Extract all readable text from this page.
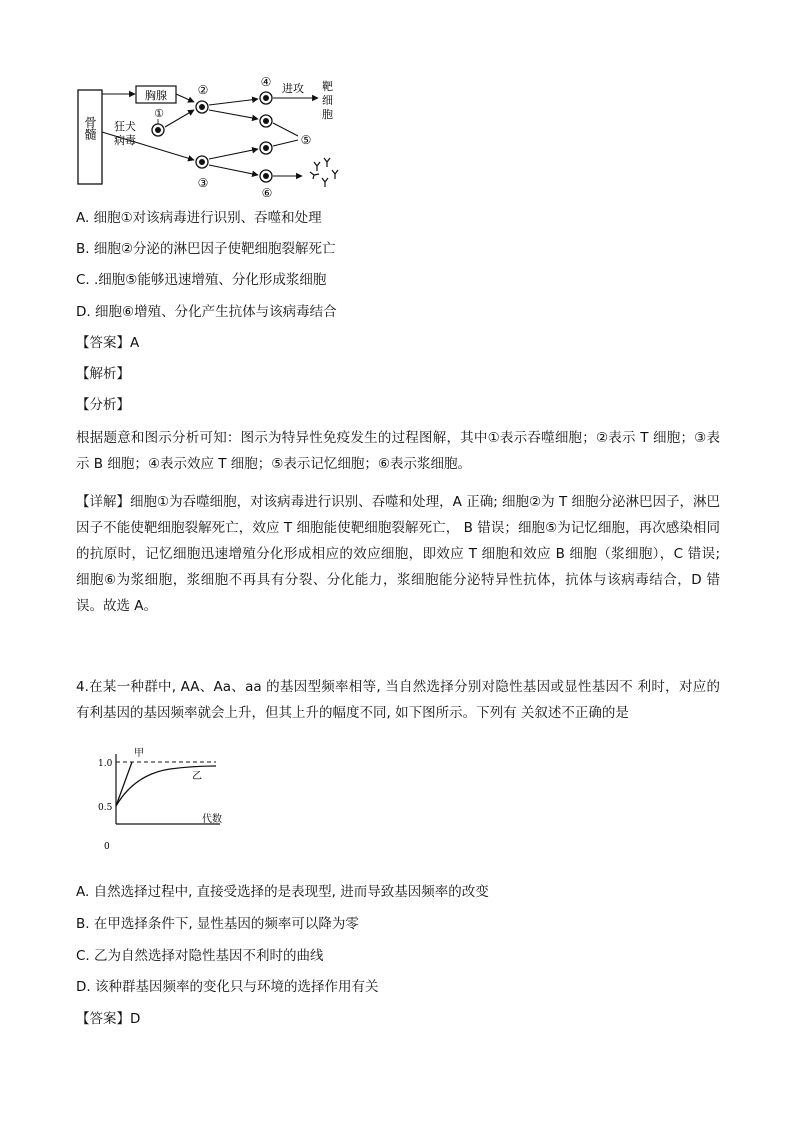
骨髓
胸腺
①
狂犬
病毒
②
③
④ 进攻 靶
细
胞
⑤
⑥
A. 细胞①对该病毒进行识别、吞噬和处理
B. 细胞②分泌的淋巴因子使靶细胞裂解死亡
C. .细胞⑤能够迅速增殖、分化形成浆细胞
D. 细胞⑥增殖、分化产生抗体与该病毒结合
【答案】A
【解析】
【分析】
根据题意和图示分析可知：图示为特异性免疫发生的过程图解，其中①表示吞噬细胞；②表示 T 细胞；③表示 B 细胞；④表示效应 T 细胞；⑤表示记忆细胞；⑥表示浆细胞。
【详解】细胞①为吞噬细胞，对该病毒进行识别、吞噬和处理，A 正确; 细胞②为 T 细胞分泌淋巴因子，淋巴因子不能使靶细胞裂解死亡，效应 T 细胞能使靶细胞裂解死亡， B 错误；细胞⑤为记忆细胞，再次感染相同的抗原时，记忆细胞迅速增殖分化形成相应的效应细胞，即效应 T 细胞和效应 B 细胞（浆细胞），C 错误; 细胞⑥为浆细胞，浆细胞不再具有分裂、分化能力，浆细胞能分泌特异性抗体，抗体与该病毒结合，D 错误。故选 A。
4.在某一种群中, AA、Aa、aa 的基因型频率相等, 当自然选择分别对隐性基因或显性基因不 利时，对应的有利基因的基因频率就会上升，但其上升的幅度不同, 如下图所示。下列有 关叙述不正确的是
1.0
0.5
0
代数
甲
乙
A. 自然选择过程中, 直接受选择的是表现型, 进而导致基因频率的改变
B. 在甲选择条件下, 显性基因的频率可以降为零
C. 乙为自然选择对隐性基因不利时的曲线
D. 该种群基因频率的变化只与环境的选择作用有关
【答案】D
